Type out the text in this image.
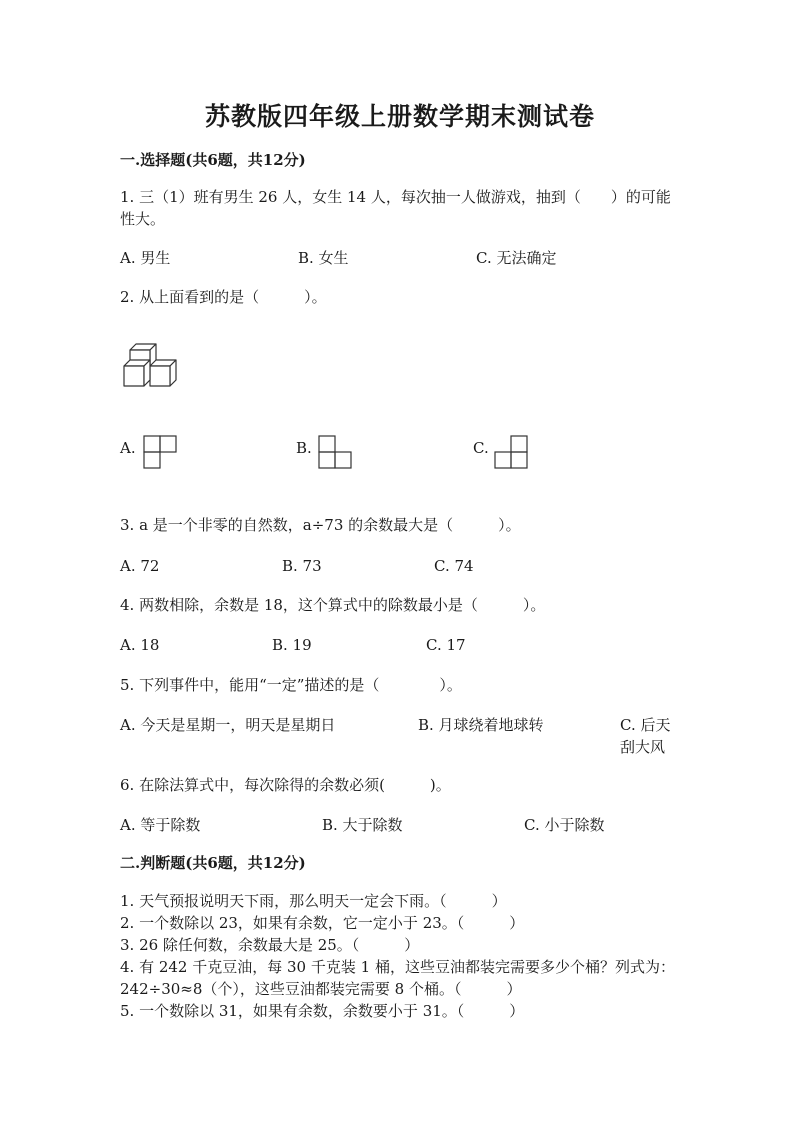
苏教版四年级上册数学期末测试卷
一.选择题(共6题，共12分)
1. 三（1）班有男生 26 人，女生 14 人，每次抽一人做游戏，抽到（　　）的可能性大。
A. 男生	B. 女生	C. 无法确定
2. 从上面看到的是（　　　）。
A.	B.	C.
3. a 是一个非零的自然数，a÷73 的余数最大是（　　　）。
A. 72	B. 73	C. 74
4. 两数相除，余数是 18，这个算式中的除数最小是（　　　）。
A. 18	B. 19	C. 17
5. 下列事件中，能用“一定”描述的是（　　　　）。
A. 今天是星期一，明天是星期日	B. 月球绕着地球转	C. 后天刮大风
6. 在除法算式中，每次除得的余数必须(　　　)。
A. 等于除数	B. 大于除数	C. 小于除数
二.判断题(共6题，共12分)
1. 天气预报说明天下雨，那么明天一定会下雨。（　　　）
2. 一个数除以 23，如果有余数，它一定小于 23。（　　　）
3. 26 除任何数，余数最大是 25。（　　　）
4. 有 242 千克豆油，每 30 千克装 1 桶，这些豆油都装完需要多少个桶？列式为：242÷30≈8（个），这些豆油都装完需要 8 个桶。（　　　）
5. 一个数除以 31，如果有余数，余数要小于 31。（　　　）
